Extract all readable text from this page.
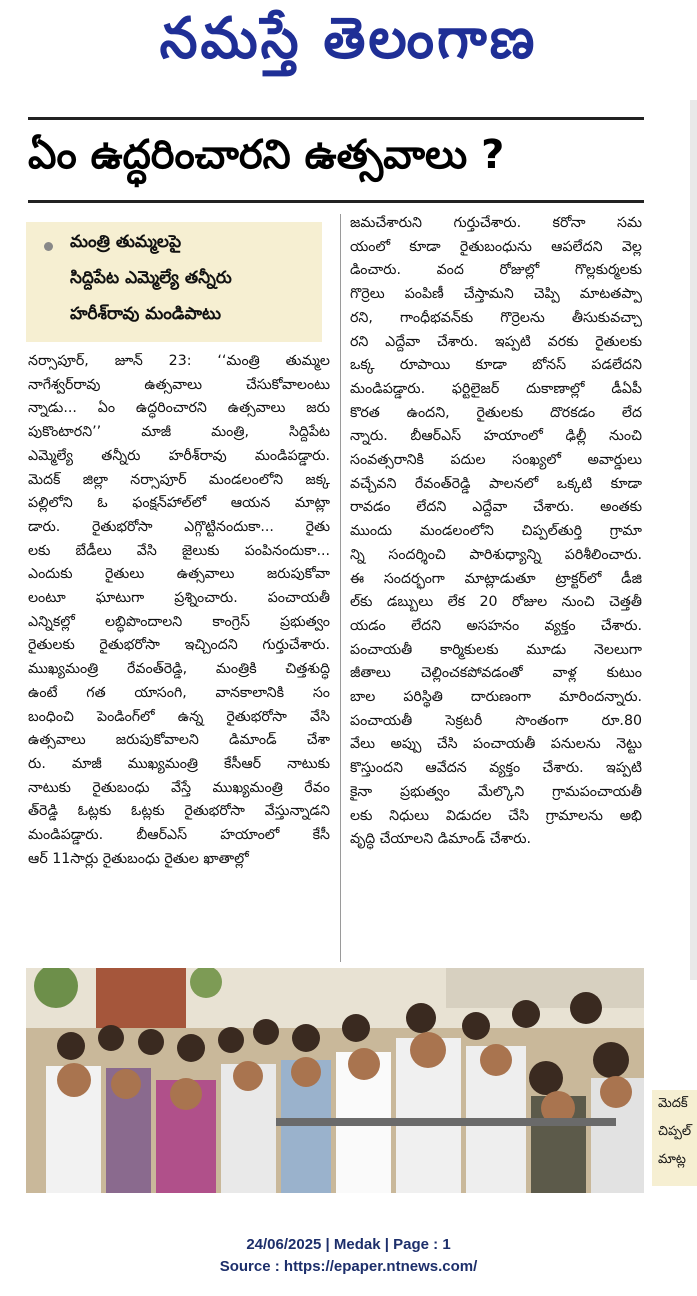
నమస్తే తెలంగాణ
ఏం ఉద్ధరించారని ఉత్సవాలు ?
మంత్రి తుమ్మలపై
సిద్దిపేట ఎమ్మెల్యే తన్నీరు
హరీశ్‌రావు మండిపాటు
నర్సాపూర్‌, జూన్‌ 23: ‘‘మంత్రి తుమ్మల
నాగేశ్వర్‌రావు ఉత్సవాలు చేసుకోవాలంటు
న్నాడు... ఏం ఉద్ధరించారని ఉత్సవాలు జరు
పుకొంటారని’’ మాజీ మంత్రి, సిద్దిపేట
ఎమ్మెల్యే తన్నీరు హరీశ్‌రావు మండిపడ్డారు.
మెదక్‌ జిల్లా నర్సాపూర్‌ మండలంలోని జక్క
పల్లిలోని ఓ ఫంక్షన్‌హాల్‌లో ఆయన మాట్లా
డారు. రైతుభరోసా ఎగ్గొట్టినందుకా... రైతు
లకు బేడీలు వేసి జైలుకు పంపినందుకా...
ఎందుకు రైతులు ఉత్సవాలు జరుపుకోవా
లంటూ ఘాటుగా ప్రశ్నించారు. పంచాయతీ
ఎన్నికల్లో లబ్ధిపొందాలని కాంగ్రెస్‌ ప్రభుత్వం
రైతులకు రైతుభరోసా ఇచ్చిందని గుర్తుచేశారు.
ముఖ్యమంత్రి రేవంత్‌రెడ్డి, మంత్రికి చిత్తశుద్ధి
ఉంటే గత యాసంగి, వానకాలానికి సం
బంధించి పెండింగ్‌లో ఉన్న రైతుభరోసా వేసి
ఉత్సవాలు జరుపుకోవాలని డిమాండ్‌ చేశా
రు. మాజీ ముఖ్యమంత్రి కేసీఆర్‌ నాటుకు
నాటుకు రైతుబంధు వేస్తే ముఖ్యమంత్రి రేవం
త్‌రెడ్డి ఓట్లకు ఓట్లకు రైతుభరోసా వేస్తున్నాడని
మండిపడ్డారు. బీఆర్‌ఎస్‌ హయాంలో కేసీ
ఆర్‌ 11సార్లు రైతుబంధు రైతుల ఖాతాల్లో
జమచేశారుని గుర్తుచేశారు. కరోనా సమ
యంలో కూడా రైతుబంధును ఆపలేదని వెల్ల
డించారు. వంద రోజుల్లో గొల్లకుర్మలకు
గొర్రెలు పంపిణీ చేస్తామని చెప్పి మాటతప్పా
రని, గాంధీభవన్‌కు గొర్రెలను తీసుకువచ్చా
రని ఎద్దేవా చేశారు. ఇప్పటి వరకు రైతులకు
ఒక్క రూపాయి కూడా బోనస్‌ పడలేదని
మండిపడ్డారు. ఫర్టిలైజర్‌ దుకాణాల్లో డీఏపీ
కొరత ఉందని, రైతులకు దొరకడం లేద
న్నారు. బీఆర్‌ఎస్‌ హయాంలో ఢిల్లీ నుంచి
సంవత్సరానికి పదుల సంఖ్యలో అవార్డులు
వచ్చేవని రేవంత్‌రెడ్డి పాలనలో ఒక్కటి కూడా
రావడం లేదని ఎద్దేవా చేశారు. అంతకు
ముందు మండలంలోని చిప్పల్‌తుర్తి గ్రామా
న్ని సందర్శించి పారిశుధ్యాన్ని పరిశీలించారు.
ఈ సందర్భంగా మాట్లాడుతూ ట్రాక్టర్‌లో డీజి
ల్‌కు డబ్బులు లేక 20 రోజుల నుంచి చెత్తతీ
యడం లేదని అసహనం వ్యక్తం చేశారు.
పంచాయతీ కార్మికులకు మూడు నెలలుగా
జీతాలు చెల్లించకపోవడంతో వాళ్ల కుటుం
బాల పరిస్థితి దారుణంగా మారిందన్నారు.
పంచాయతీ సెక్రటరీ సొంతంగా రూ.80
వేలు అప్పు చేసి పంచాయతీ పనులను నెట్టు
కొస్తుందని ఆవేదన వ్యక్తం చేశారు. ఇప్పటి
కైనా ప్రభుత్వం మేల్కొని గ్రామపంచాయతీ
లకు నిధులు విడుదల చేసి గ్రామాలను అభి
వృద్ధి చేయాలని డిమాండ్‌ చేశారు.
మెదక్‌
చిప్పల్‌
మాట్ల
24/06/2025 | Medak | Page : 1
Source : https://epaper.ntnews.com/
